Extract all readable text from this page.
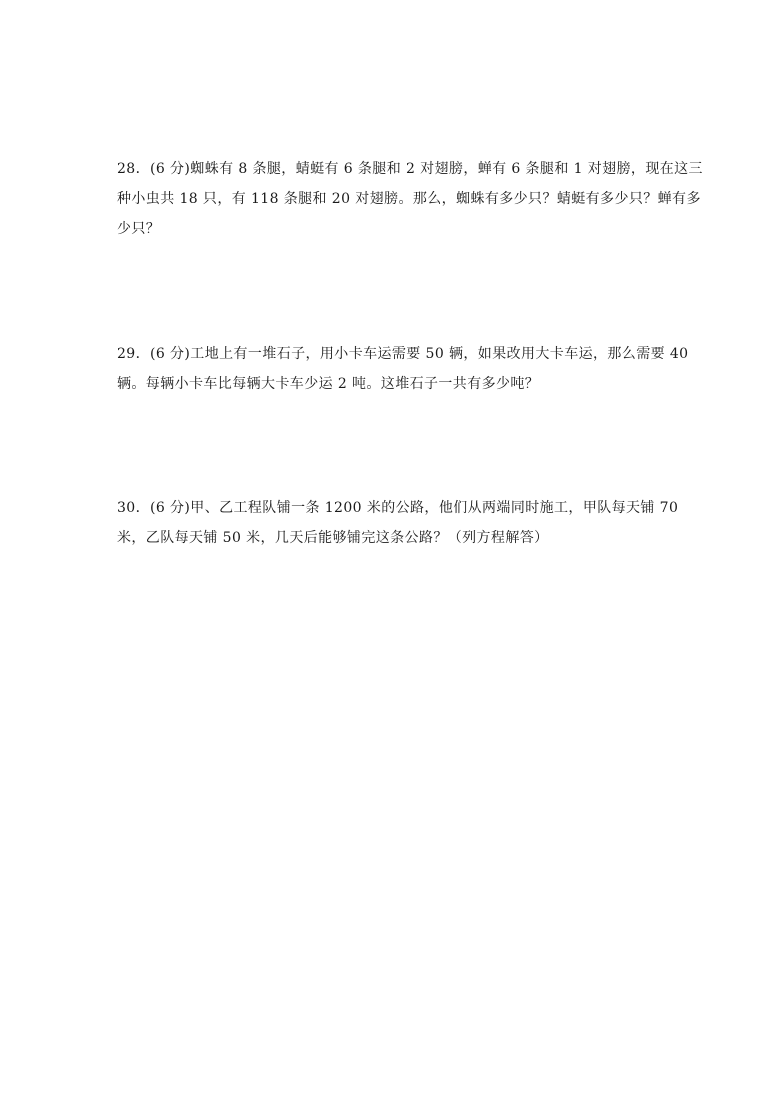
28．(6 分)蜘蛛有 8 条腿，蜻蜓有 6 条腿和 2 对翅膀，蝉有 6 条腿和 1 对翅膀，现在这三
种小虫共 18 只，有 118 条腿和 20 对翅膀。那么，蜘蛛有多少只？蜻蜓有多少只？蝉有多
少只？
29．(6 分)工地上有一堆石子，用小卡车运需要 50 辆，如果改用大卡车运，那么需要 40
辆。每辆小卡车比每辆大卡车少运 2 吨。这堆石子一共有多少吨？
30．(6 分)甲、乙工程队铺一条 1200 米的公路，他们从两端同时施工，甲队每天铺 70
米，乙队每天铺 50 米，几天后能够铺完这条公路？（列方程解答）
